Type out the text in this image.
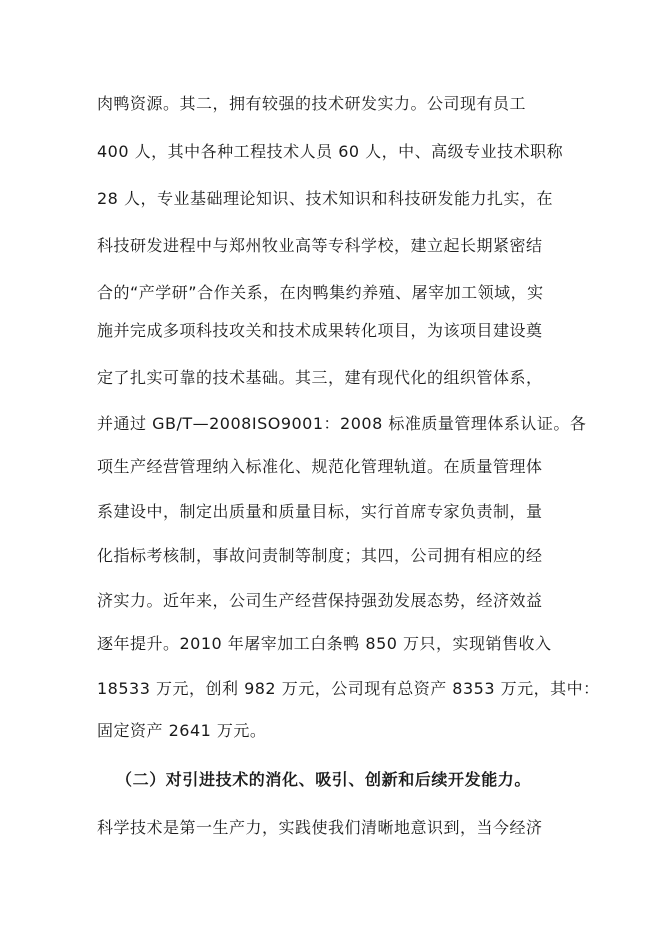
肉鸭资源。其二，拥有较强的技术研发实力。公司现有员工
400 人，其中各种工程技术人员 60 人，中、高级专业技术职称
28 人，专业基础理论知识、技术知识和科技研发能力扎实，在
科技研发进程中与郑州牧业高等专科学校，建立起长期紧密结
合的“产学研”合作关系，在肉鸭集约养殖、屠宰加工领域，实
施并完成多项科技攻关和技术成果转化项目，为该项目建设奠
定了扎实可靠的技术基础。其三，建有现代化的组织管体系，
并通过 GB/T—2008ISO9001：2008 标准质量管理体系认证。各
项生产经营管理纳入标准化、规范化管理轨道。在质量管理体
系建设中，制定出质量和质量目标，实行首席专家负责制，量
化指标考核制，事故问责制等制度；其四，公司拥有相应的经
济实力。近年来，公司生产经营保持强劲发展态势，经济效益
逐年提升。2010 年屠宰加工白条鸭 850 万只，实现销售收入
18533 万元，创利 982 万元，公司现有总资产 8353 万元，其中：
固定资产 2641 万元。
（二）对引进技术的消化、吸引、创新和后续开发能力。
科学技术是第一生产力，实践使我们清晰地意识到，当今经济
